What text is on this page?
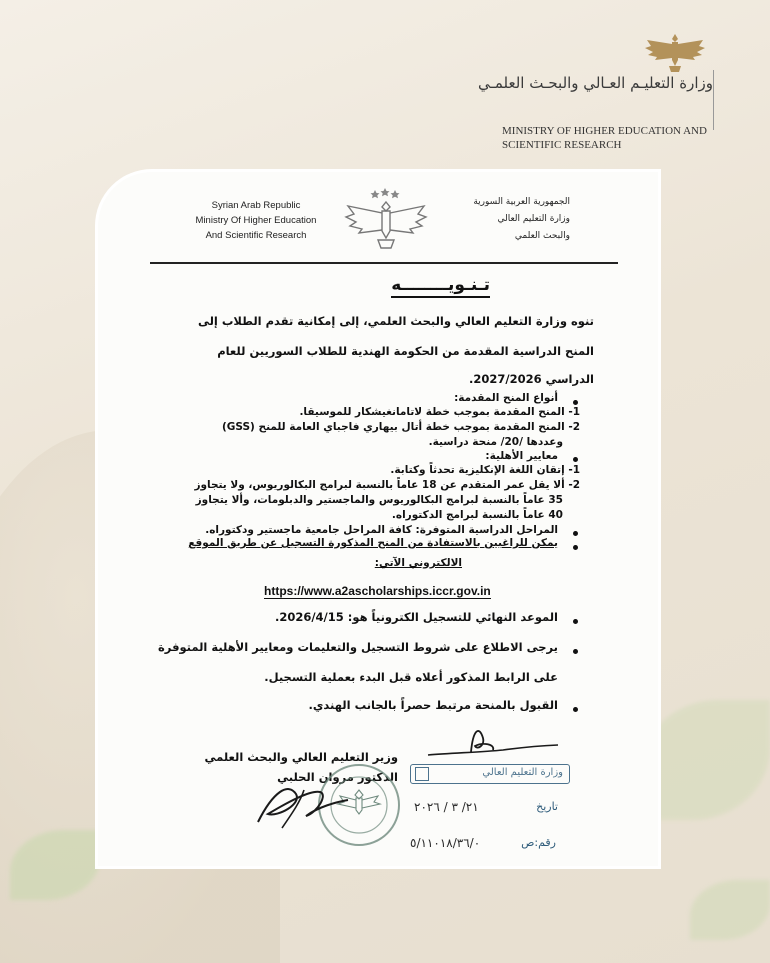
وزارة التعليـم العـالي والبحـث العلمـي
MINISTRY OF HIGHER EDUCATION AND
SCIENTIFIC RESEARCH
Syrian Arab Republic
Ministry Of Higher Education
And Scientific Research
الجمهورية العربية السورية
وزارة التعليم العالي
والبحث العلمي
تـنـويــــــــه
تنوه وزارة التعليم العالي والبحث العلمي، إلى إمكانية تقدم الطلاب إلى
المنح الدراسية المقدمة من الحكومة الهندية للطلاب السوريين للعام
الدراسي 2027/2026.
أنواع المنح المقدمة:
1- المنح المقدمة بموجب خطة لاتامانغيشكار للموسيقا.
2- المنح المقدمة بموجب خطة أتال بيهاري فاجباي العامة للمنح (GSS)
وعددها /20/ منحة دراسية.
معايير الأهلية:
1- إتقان اللغة الإنكليزية تحدثاً وكتابة.
2- ألا يقل عمر المتقدم عن 18 عاماً بالنسبة لبرامج البكالوريوس، ولا يتجاوز
35 عاماً بالنسبة لبرامج البكالوريوس والماجستير والدبلومات، وألا يتجاوز
40 عاماً بالنسبة لبرامج الدكتوراه.
المراحل الدراسية المتوفرة: كافة المراحل جامعية ماجستير ودكتوراه.
يمكن للراغبين بالاستفادة من المنح المذكورة التسجيل عن طريق الموقع
الالكتروني الآتي:
https://www.a2ascholarships.iccr.gov.in
الموعد النهائي للتسجيل الكترونياً هو: 2026/4/15.
يرجى الاطلاع على شروط التسجيل والتعليمات ومعايير الأهلية المتوفرة
على الرابط المذكور أعلاه قبل البدء بعملية التسجيل.
القبول بالمنحة مرتبط حصراً بالجانب الهندي.
وزير التعليم العالي والبحث العلمي
الدكتور مروان الحلبي	وزارة التعليم العالي
٢١/ ٣ / ٢٠٢٦	تاريخ
٥/١١٠١٨/٣٦/٠	رقم:ص
